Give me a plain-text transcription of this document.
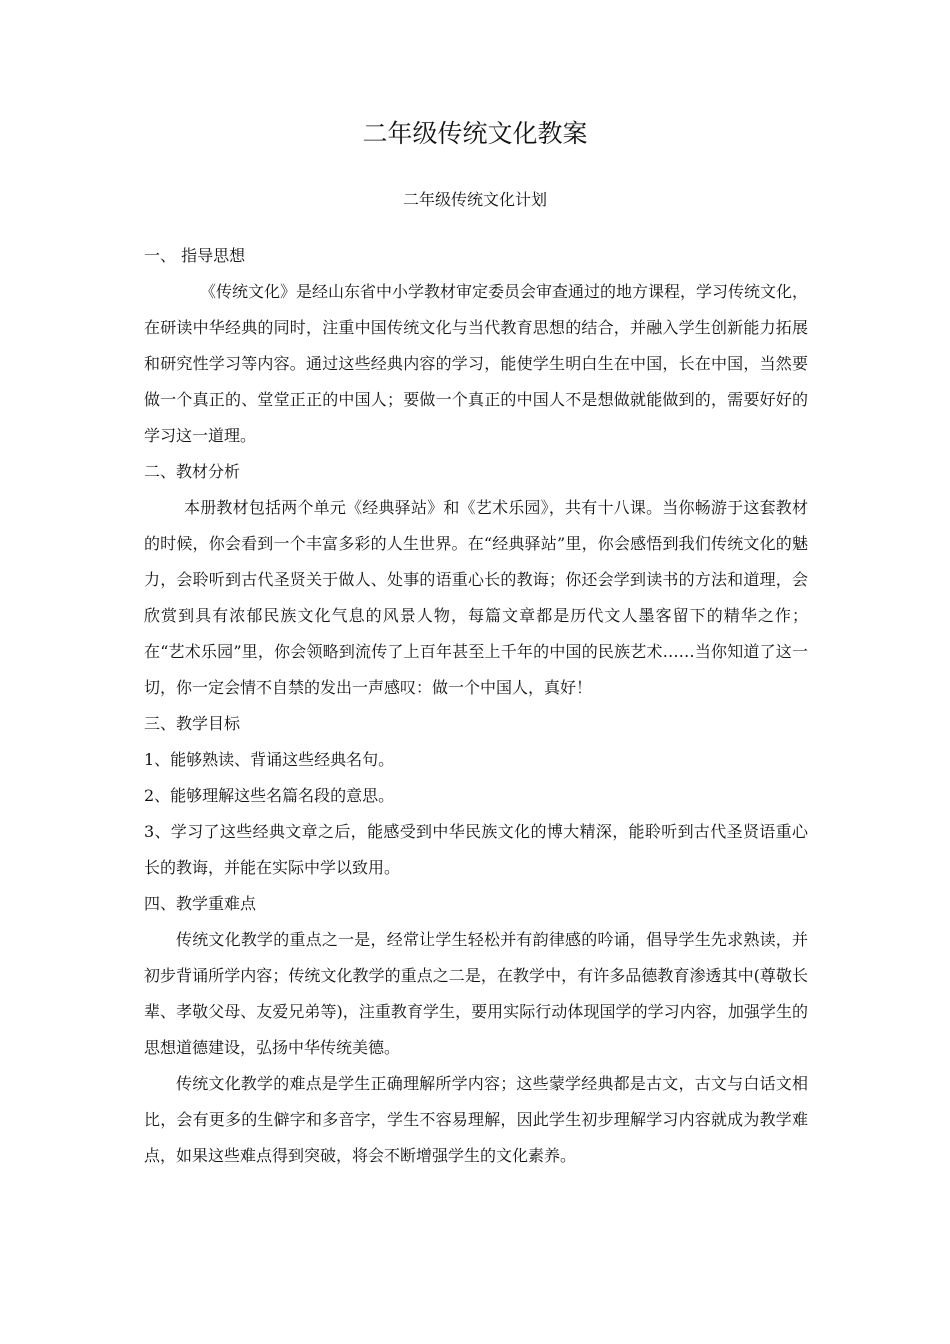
二年级传统文化教案
二年级传统文化计划

一、 指导思想

《传统文化》是经山东省中小学教材审定委员会审查通过的地方课程，学习传统文化，在研读中华经典的同时，注重中国传统文化与当代教育思想的结合，并融入学生创新能力拓展和研究性学习等内容。通过这些经典内容的学习，能使学生明白生在中国，长在中国，当然要做一个真正的、堂堂正正的中国人；要做一个真正的中国人不是想做就能做到的，需要好好的学习这一道理。

二、教材分析

本册教材包括两个单元《经典驿站》和《艺术乐园》，共有十八课。当你畅游于这套教材的时候，你会看到一个丰富多彩的人生世界。在“经典驿站”里，你会感悟到我们传统文化的魅力，会聆听到古代圣贤关于做人、处事的语重心长的教诲；你还会学到读书的方法和道理，会欣赏到具有浓郁民族文化气息的风景人物，每篇文章都是历代文人墨客留下的精华之作；在“艺术乐园”里，你会领略到流传了上百年甚至上千年的中国的民族艺术……当你知道了这一切，你一定会情不自禁的发出一声感叹：做一个中国人，真好！

三、教学目标

1、能够熟读、背诵这些经典名句。

2、能够理解这些名篇名段的意思。

3、学习了这些经典文章之后，能感受到中华民族文化的博大精深，能聆听到古代圣贤语重心长的教诲，并能在实际中学以致用。

四、教学重难点

传统文化教学的重点之一是，经常让学生轻松并有韵律感的吟诵，倡导学生先求熟读，并初步背诵所学内容；传统文化教学的重点之二是，在教学中，有许多品德教育渗透其中(尊敬长辈、孝敬父母、友爱兄弟等)，注重教育学生，要用实际行动体现国学的学习内容，加强学生的思想道德建设，弘扬中华传统美德。

传统文化教学的难点是学生正确理解所学内容；这些蒙学经典都是古文，古文与白话文相比，会有更多的生僻字和多音字，学生不容易理解，因此学生初步理解学习内容就成为教学难点，如果这些难点得到突破，将会不断增强学生的文化素养。
